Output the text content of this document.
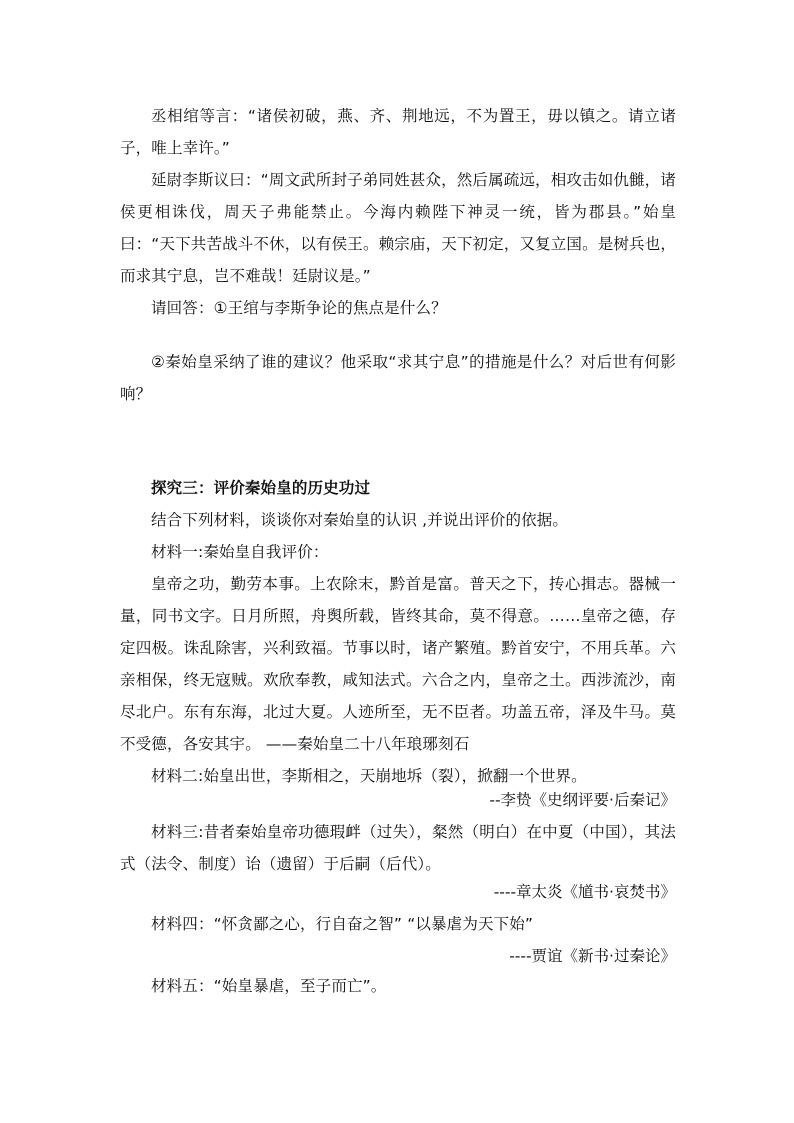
丞相绾等言：“诸侯初破，燕、齐、荆地远，不为置王，毋以镇之。请立诸子，唯上幸许。”

延尉李斯议曰：“周文武所封子弟同姓甚众，然后属疏远，相攻击如仇雠，诸侯更相诛伐，周天子弗能禁止。今海内赖陛下神灵一统，皆为郡县。”始皇曰：“天下共苦战斗不休，以有侯王。赖宗庙，天下初定，又复立国。是树兵也，而求其宁息，岂不难哉！廷尉议是。”

请回答：①王绾与李斯争论的焦点是什么？

②秦始皇采纳了谁的建议？他采取“求其宁息”的措施是什么？对后世有何影响？

探究三：评价秦始皇的历史功过

结合下列材料，谈谈你对秦始皇的认识 ,并说出评价的依据。

材料一:秦始皇自我评价：

皇帝之功，勤劳本事。上农除末，黔首是富。普天之下，抟心揖志。器械一量，同书文字。日月所照，舟舆所载，皆终其命，莫不得意。……皇帝之德，存定四极。诛乱除害，兴利致福。节事以时，诸产繁殖。黔首安宁，不用兵革。六亲相保，终无寇贼。欢欣奉教，咸知法式。六合之内，皇帝之土。西涉流沙，南尽北户。东有东海，北过大夏。人迹所至，无不臣者。功盖五帝，泽及牛马。莫不受德，各安其宇。 ——秦始皇二十八年琅琊刻石

材料二:始皇出世，李斯相之，天崩地坼（裂），掀翻一个世界。

--李贽《史纲评要·后秦记》

材料三:昔者秦始皇帝功德瑕衅（过失），粲然（明白）在中夏（中国），其法式（法令、制度）诒（遗留）于后嗣（后代）。

----章太炎《馗书·哀焚书》

材料四：“怀贪鄙之心，行自奋之智” “以暴虐为天下始”

----贾谊《新书·过秦论》

材料五：“始皇暴虐，至子而亡”。
